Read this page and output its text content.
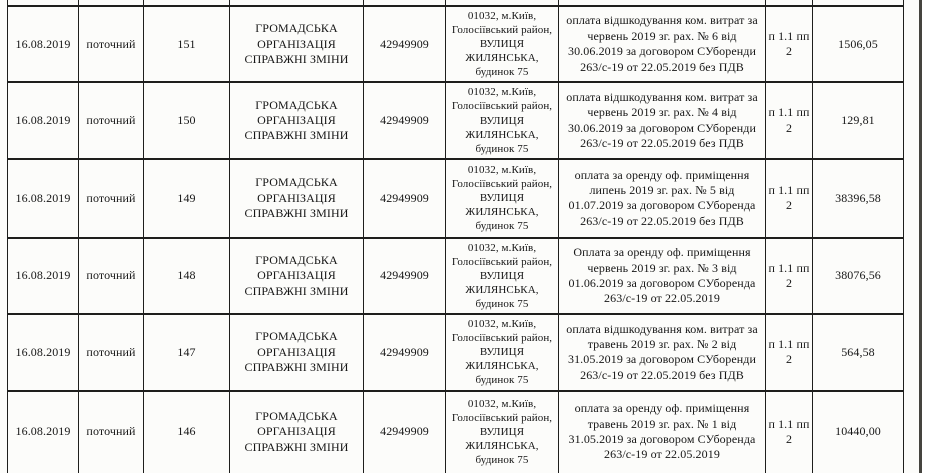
16.08.2019	поточний	151	ГРОМАДСЬКА ОРГАНІЗАЦІЯ СПРАВЖНІ ЗМІНИ	42949909	01032, м.Київ, Голосіївський район, ВУЛИЦЯ ЖИЛЯНСЬКА, будинок 75	оплата відшкодування ком. витрат за червень 2019 зг. рах. № 6 від 30.06.2019 за договором СУборенди 263/с-19 от 22.05.2019 без ПДВ	п 1.1 пп 2	1506,05
16.08.2019	поточний	150	ГРОМАДСЬКА ОРГАНІЗАЦІЯ СПРАВЖНІ ЗМІНИ	42949909	01032, м.Київ, Голосіївський район, ВУЛИЦЯ ЖИЛЯНСЬКА, будинок 75	оплата відшкодування ком. витрат за червень 2019 зг. рах. № 4 від 30.06.2019 за договором СУборенди 263/с-19 от 22.05.2019 без ПДВ	п 1.1 пп 2	129,81
16.08.2019	поточний	149	ГРОМАДСЬКА ОРГАНІЗАЦІЯ СПРАВЖНІ ЗМІНИ	42949909	01032, м.Київ, Голосіївський район, ВУЛИЦЯ ЖИЛЯНСЬКА, будинок 75	оплата за оренду оф. приміщення липень 2019 зг. рах. № 5 від 01.07.2019 за договором СУборенда 263/с-19 от 22.05.2019 без ПДВ	п 1.1 пп 2	38396,58
16.08.2019	поточний	148	ГРОМАДСЬКА ОРГАНІЗАЦІЯ СПРАВЖНІ ЗМІНИ	42949909	01032, м.Київ, Голосіївський район, ВУЛИЦЯ ЖИЛЯНСЬКА, будинок 75	Оплата за оренду оф. приміщення червень 2019 зг. рах. № 3 від 01.06.2019 за договором СУборенда 263/с-19 от 22.05.2019	п 1.1 пп 2	38076,56
16.08.2019	поточний	147	ГРОМАДСЬКА ОРГАНІЗАЦІЯ СПРАВЖНІ ЗМІНИ	42949909	01032, м.Київ, Голосіївський район, ВУЛИЦЯ ЖИЛЯНСЬКА, будинок 75	оплата відшкодування ком. витрат за травень 2019 зг. рах. № 2 від 31.05.2019 за договором СУборенди 263/с-19 от 22.05.2019 без ПДВ	п 1.1 пп 2	564,58
16.08.2019	поточний	146	ГРОМАДСЬКА ОРГАНІЗАЦІЯ СПРАВЖНІ ЗМІНИ	42949909	01032, м.Київ, Голосіївський район, ВУЛИЦЯ ЖИЛЯНСЬКА, будинок 75	оплата за оренду оф. приміщення травень 2019 зг. рах. № 1 від 31.05.2019 за договором СУборенда 263/с-19 от 22.05.2019	п 1.1 пп 2	10440,00
